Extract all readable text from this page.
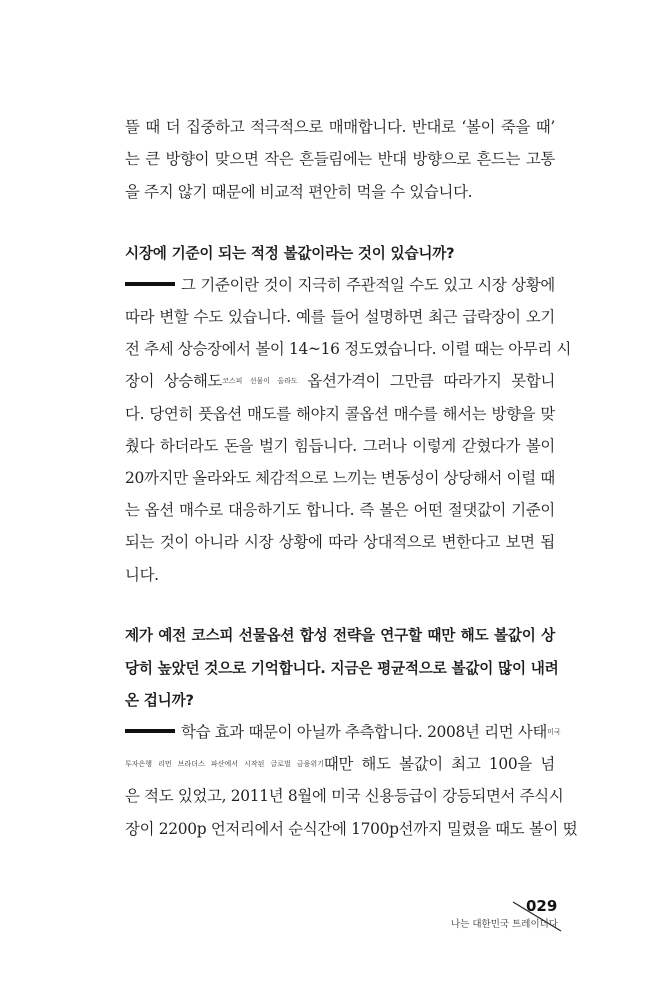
뜰 때 더 집중하고 적극적으로 매매합니다. 반대로 ‘볼이 죽을 때’
는 큰 방향이 맞으면 작은 흔들림에는 반대 방향으로 흔드는 고통
을 주지 않기 때문에 비교적 편안히 먹을 수 있습니다.
시장에 기준이 되는 적정 볼값이라는 것이 있습니까?
그 기준이란 것이 지극히 주관적일 수도 있고 시장 상황에
따라 변할 수도 있습니다. 예를 들어 설명하면 최근 급락장이 오기
전 추세 상승장에서 볼이 14~16 정도였습니다. 이럴 때는 아무리 시
장이 상승해도코스피 선물이 올라도 옵션가격이 그만큼 따라가지 못합니
다. 당연히 풋옵션 매도를 해야지 콜옵션 매수를 해서는 방향을 맞
췄다 하더라도 돈을 벌기 힘듭니다. 그러나 이렇게 갇혔다가 볼이
20까지만 올라와도 체감적으로 느끼는 변동성이 상당해서 이럴 때
는 옵션 매수로 대응하기도 합니다. 즉 볼은 어떤 절댓값이 기준이
되는 것이 아니라 시장 상황에 따라 상대적으로 변한다고 보면 됩
니다.
제가 예전 코스피 선물옵션 합성 전략을 연구할 때만 해도 볼값이 상
당히 높았던 것으로 기억합니다. 지금은 평균적으로 볼값이 많이 내려
온 겁니까?
학습 효과 때문이 아닐까 추측합니다. 2008년 리먼 사태미국
투자은행 리먼 브라더스 파산에서 시작된 글로벌 금융위기때만 해도 볼값이 최고 100을 넘
은 적도 있었고, 2011년 8월에 미국 신용등급이 강등되면서 주식시
장이 2200p 언저리에서 순식간에 1700p선까지 밀렸을 때도 볼이 떴
029
나는 대한민국 트레이더다
